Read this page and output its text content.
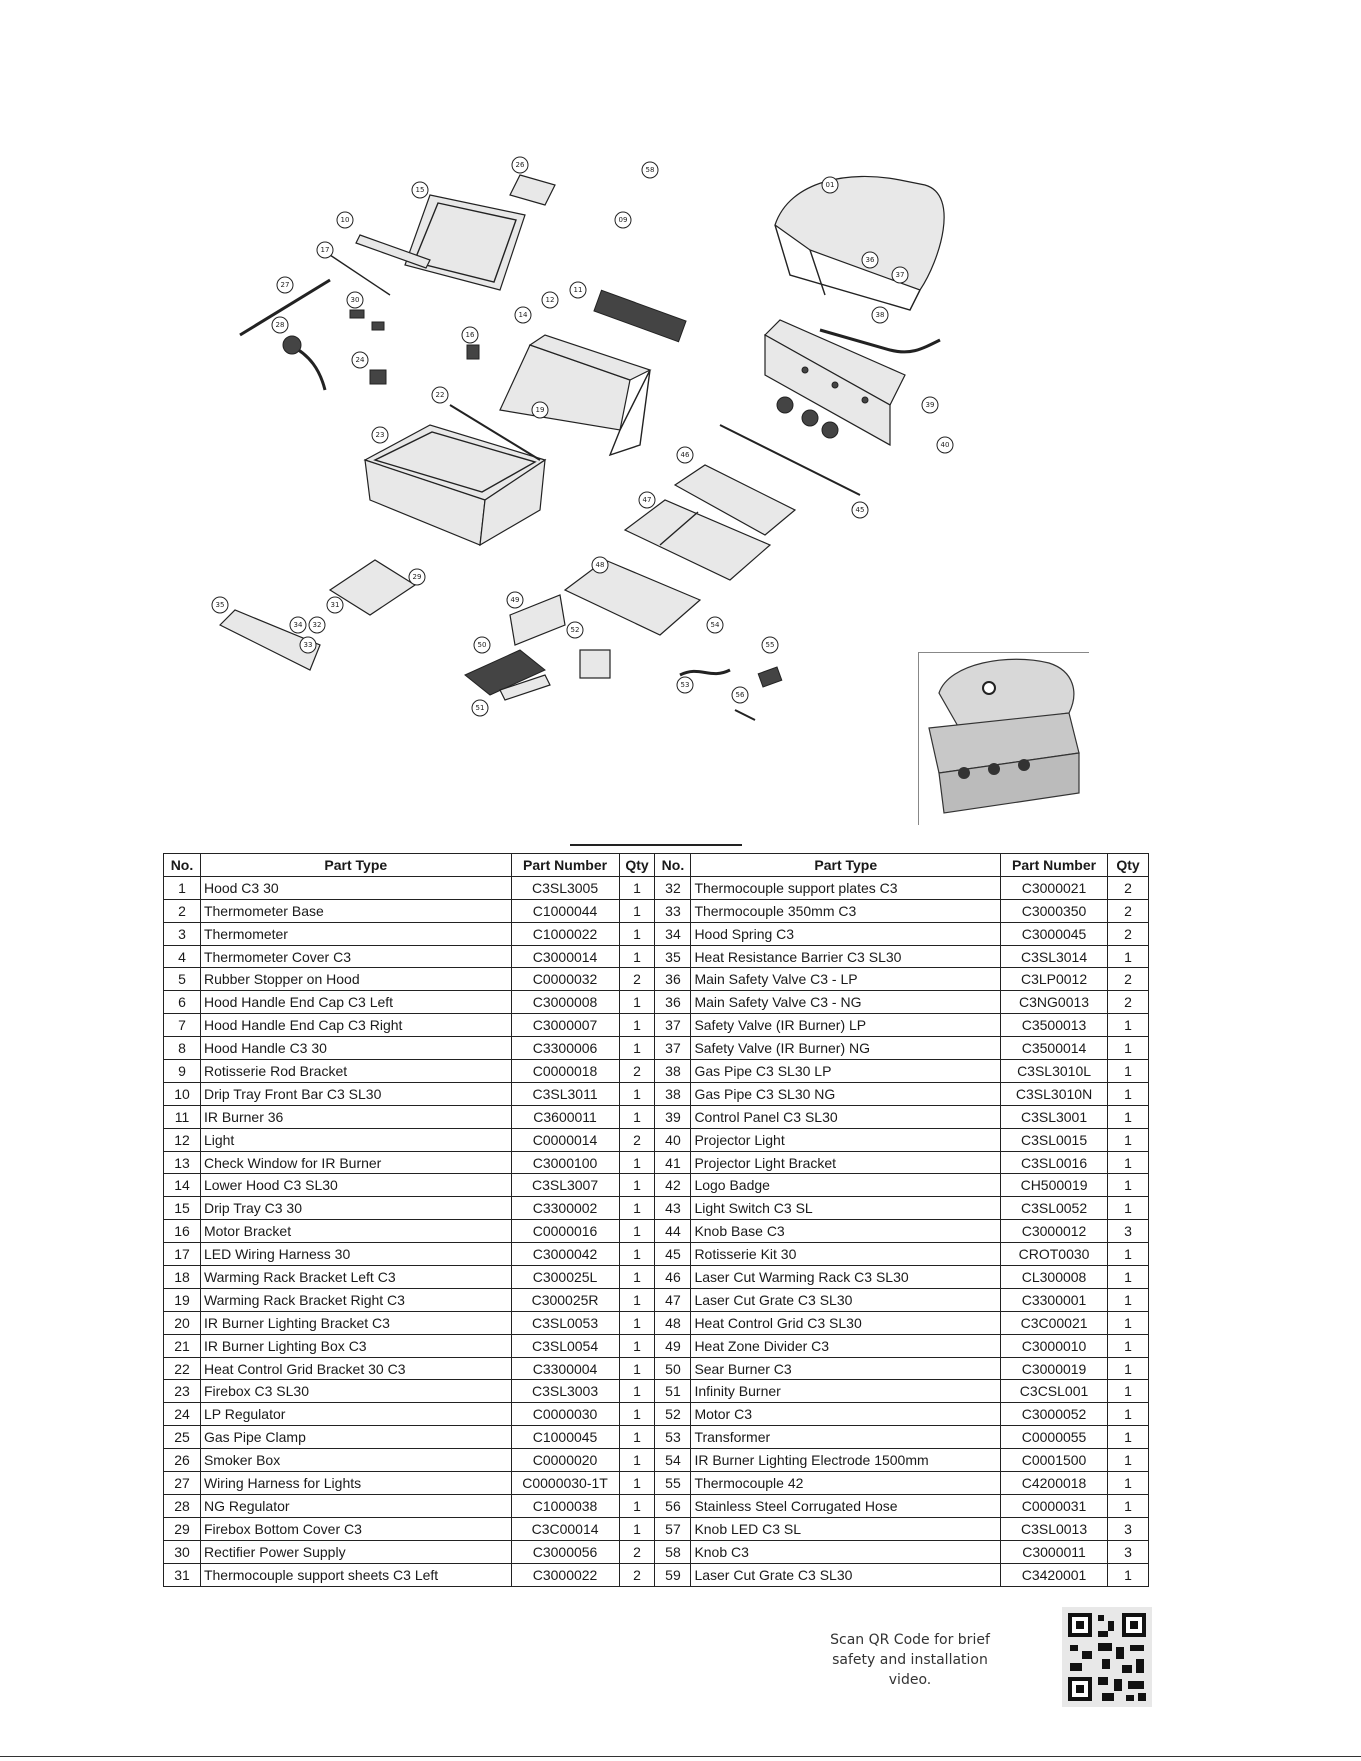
01
15
26
10
17
27
28
30
24
16
14
12
11
09
58
38
36
37
39
40
22
23
19
46
47
48
49
50
51
52
53
54
55
56
45
29
35	31
32
33
34
No.	Part Type	Part Number	Qty	No.	Part Type	Part Number	Qty
1	Hood C3 30	C3SL3005	1	32	Thermocouple support plates C3	C3000021	2
2	Thermometer Base	C1000044	1	33	Thermocouple 350mm C3	C3000350	2
3	Thermometer	C1000022	1	34	Hood Spring C3	C3000045	2
4	Thermometer Cover C3	C3000014	1	35	Heat Resistance Barrier C3 SL30	C3SL3014	1
5	Rubber Stopper on Hood	C0000032	2	36	Main Safety Valve C3 - LP	C3LP0012	2
6	Hood Handle End Cap C3 Left	C3000008	1	36	Main Safety Valve C3 - NG	C3NG0013	2
7	Hood Handle End Cap C3 Right	C3000007	1	37	Safety Valve (IR Burner) LP	C3500013	1
8	Hood Handle C3 30	C3300006	1	37	Safety Valve (IR Burner) NG	C3500014	1
9	Rotisserie Rod Bracket	C0000018	2	38	Gas Pipe C3 SL30 LP	C3SL3010L	1
10	Drip Tray Front Bar C3 SL30	C3SL3011	1	38	Gas Pipe C3 SL30 NG	C3SL3010N	1
11	IR Burner 36	C3600011	1	39	Control Panel C3 SL30	C3SL3001	1
12	Light	C0000014	2	40	Projector Light	C3SL0015	1
13	Check Window for IR Burner	C3000100	1	41	Projector Light Bracket	C3SL0016	1
14	Lower Hood C3 SL30	C3SL3007	1	42	Logo Badge	CH500019	1
15	Drip Tray C3 30	C3300002	1	43	Light Switch C3 SL	C3SL0052	1
16	Motor Bracket	C0000016	1	44	Knob Base C3	C3000012	3
17	LED Wiring Harness 30	C3000042	1	45	Rotisserie Kit 30	CROT0030	1
18	Warming Rack Bracket Left C3	C300025L	1	46	Laser Cut Warming Rack C3 SL30	CL300008	1
19	Warming Rack Bracket Right C3	C300025R	1	47	Laser Cut Grate C3 SL30	C3300001	1
20	IR Burner Lighting Bracket C3	C3SL0053	1	48	Heat Control Grid C3 SL30	C3C00021	1
21	IR Burner Lighting Box C3	C3SL0054	1	49	Heat Zone Divider C3	C3000010	1
22	Heat Control Grid Bracket 30 C3	C3300004	1	50	Sear Burner C3	C3000019	1
23	Firebox C3 SL30	C3SL3003	1	51	Infinity Burner	C3CSL001	1
24	LP Regulator	C0000030	1	52	Motor C3	C3000052	1
25	Gas Pipe Clamp	C1000045	1	53	Transformer	C0000055	1
26	Smoker Box	C0000020	1	54	IR Burner Lighting Electrode 1500mm	C0001500	1
27	Wiring Harness for Lights	C0000030-1T	1	55	Thermocouple 42	C4200018	1
28	NG Regulator	C1000038	1	56	Stainless Steel Corrugated Hose	C0000031	1
29	Firebox Bottom Cover C3	C3C00014	1	57	Knob LED C3 SL	C3SL0013	3
30	Rectifier Power Supply	C3000056	2	58	Knob C3	C3000011	3
31	Thermocouple support sheets C3 Left	C3000022	2	59	Laser Cut Grate C3 SL30	C3420001	1
Scan QR Code for brief
safety and installation
video.
